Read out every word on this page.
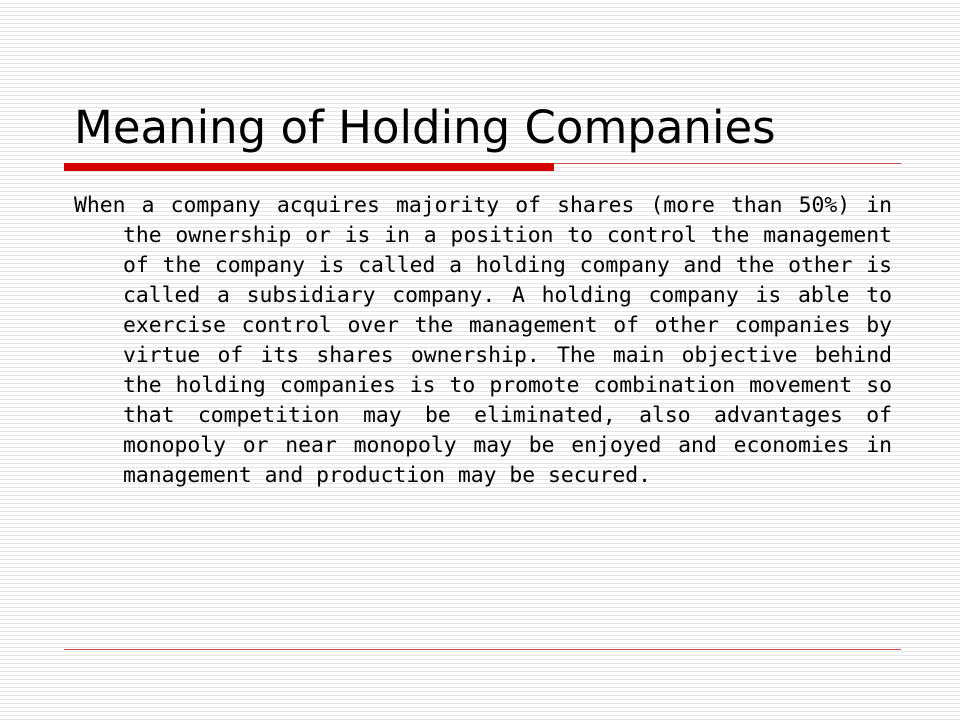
Meaning of Holding Companies

When a company acquires majority of shares (more than 50%) in the ownership or is in a position to control the management of the company is called a holding company and the other is called a subsidiary company. A holding company is able to exercise control over the management of other companies by virtue of its shares ownership. The main objective behind the holding companies is to promote combination movement so that competition may be eliminated, also advantages of monopoly or near monopoly may be enjoyed and economies in management and production may be secured.
